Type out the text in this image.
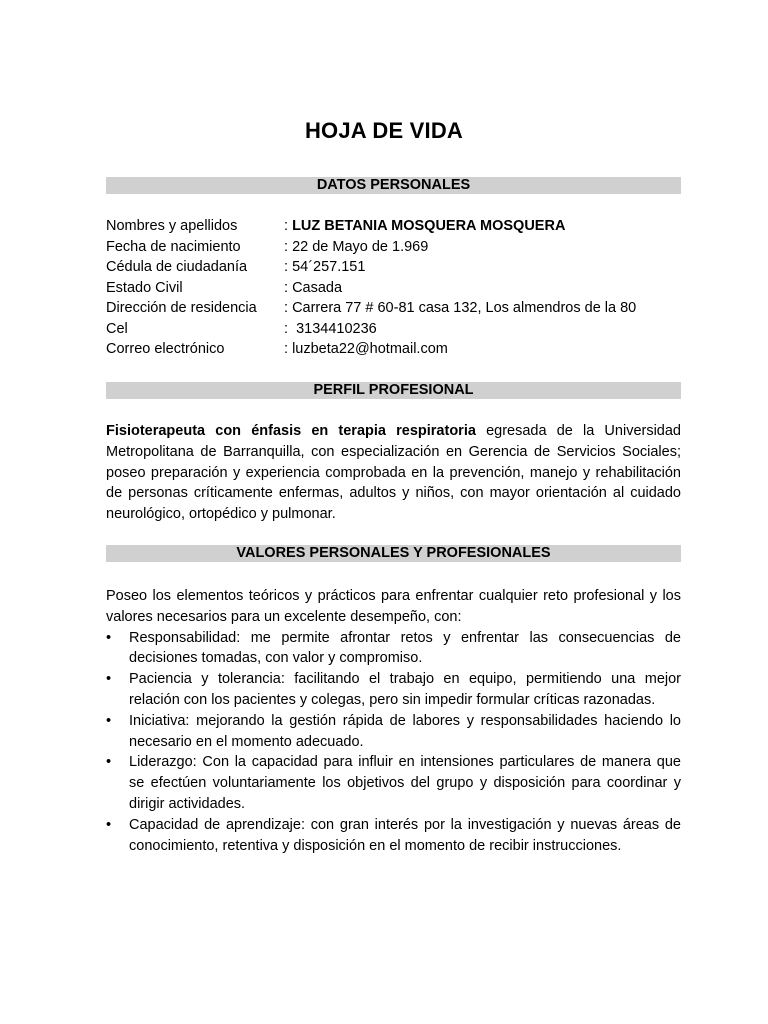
HOJA DE VIDA
DATOS PERSONALES
Nombres y apellidos	: LUZ BETANIA MOSQUERA MOSQUERA
Fecha de nacimiento	: 22 de Mayo de 1.969
Cédula de ciudadanía	: 54´257.151
Estado Civil	: Casada
Dirección de residencia	: Carrera 77 # 60-81 casa 132, Los almendros de la 80
Cel	:  3134410236
Correo electrónico	: luzbeta22@hotmail.com
PERFIL PROFESIONAL
Fisioterapeuta con énfasis en terapia respiratoria egresada de la Universidad Metropolitana de Barranquilla, con especialización en Gerencia de Servicios Sociales; poseo preparación y experiencia comprobada en la prevención, manejo y rehabilitación de personas críticamente enfermas, adultos y niños, con mayor orientación al cuidado neurológico, ortopédico y pulmonar.
VALORES PERSONALES Y PROFESIONALES
Poseo los elementos teóricos y prácticos para enfrentar cualquier reto profesional y los valores necesarios para un excelente desempeño, con:
• Responsabilidad: me permite afrontar retos y enfrentar las consecuencias de decisiones tomadas, con valor y compromiso.
• Paciencia y tolerancia: facilitando el trabajo en equipo, permitiendo una mejor relación con los pacientes y colegas, pero sin impedir formular críticas razonadas.
• Iniciativa: mejorando la gestión rápida de labores y responsabilidades haciendo lo necesario en el momento adecuado.
• Liderazgo: Con la capacidad para influir en intensiones particulares de manera que se efectúen voluntariamente los objetivos del grupo y disposición para coordinar y dirigir actividades.
• Capacidad de aprendizaje: con gran interés por la investigación y nuevas áreas de conocimiento, retentiva y disposición en el momento de recibir instrucciones.
